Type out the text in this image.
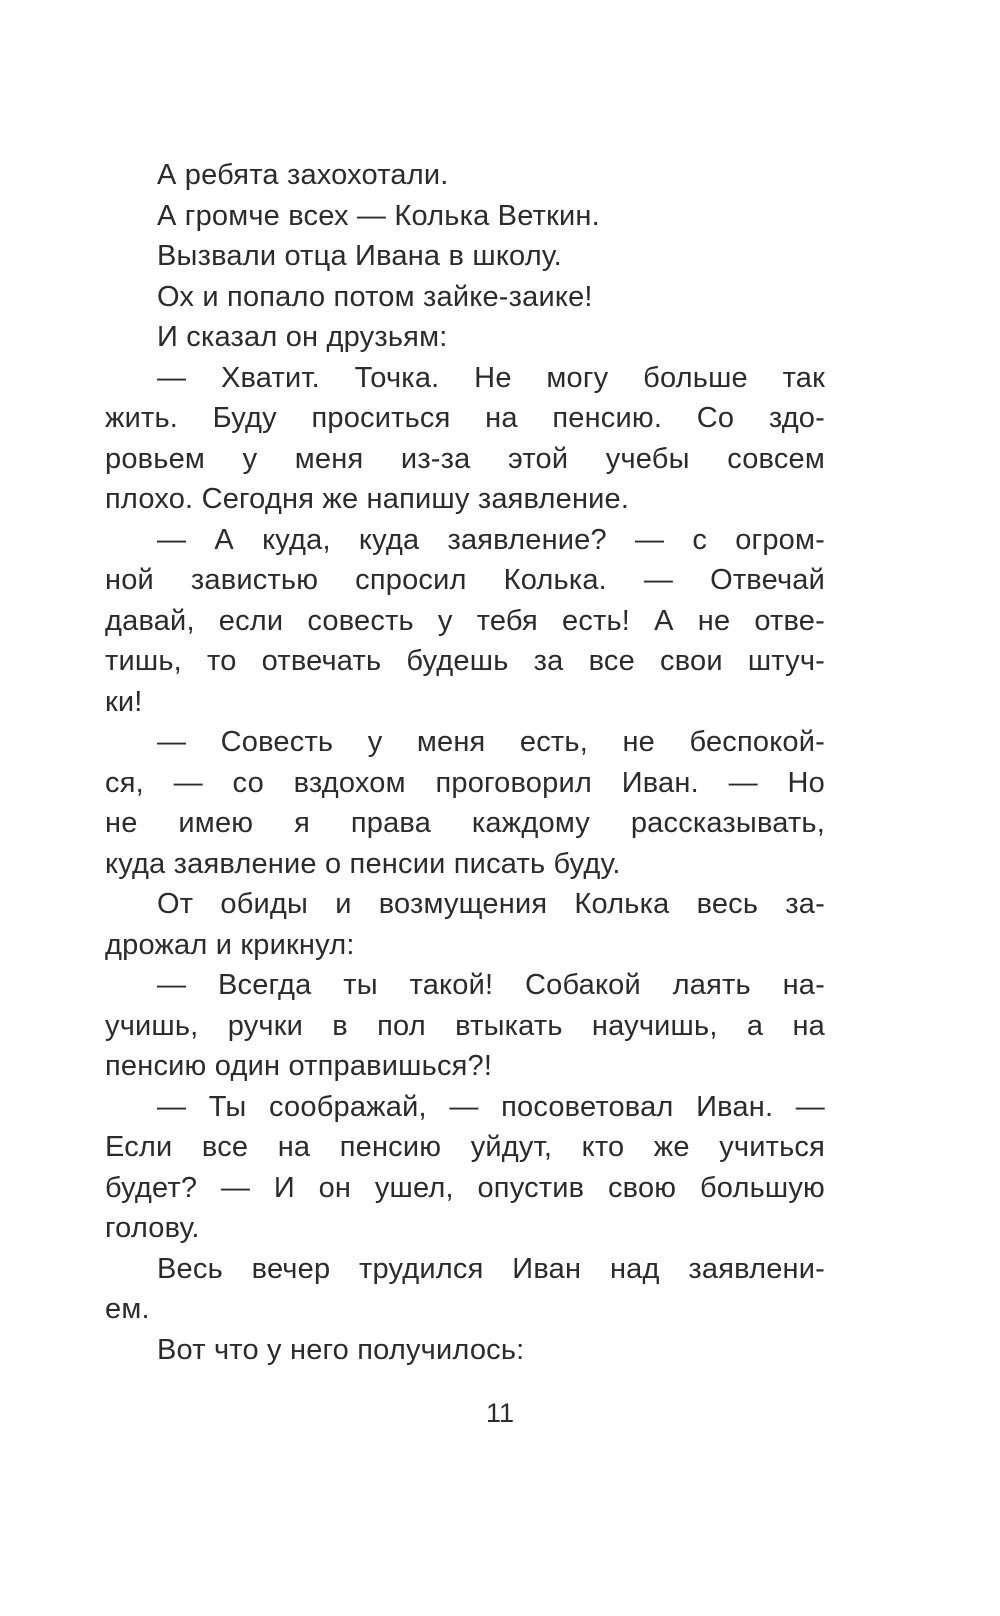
А ребята захохотали.
А громче всех — Колька Веткин.
Вызвали отца Ивана в школу.
Ох и попало потом зайке-заике!
И сказал он друзьям:
— Хватит. Точка. Не могу больше так
жить. Буду проситься на пенсию. Со здо-
ровьем у меня из-за этой учебы совсем
плохо. Сегодня же напишу заявление.
— А куда, куда заявление? — с огром-
ной завистью спросил Колька. — Отвечай
давай, если совесть у тебя есть! А не отве-
тишь, то отвечать будешь за все свои штуч-
ки!
— Совесть у меня есть, не беспокой-
ся, — со вздохом проговорил Иван. — Но
не имею я права каждому рассказывать,
куда заявление о пенсии писать буду.
От обиды и возмущения Колька весь за-
дрожал и крикнул:
— Всегда ты такой! Собакой лаять на-
учишь, ручки в пол втыкать научишь, а на
пенсию один отправишься?!
— Ты соображай, — посоветовал Иван. —
Если все на пенсию уйдут, кто же учиться
будет? — И он ушел, опустив свою большую
голову.
Весь вечер трудился Иван над заявлени-
ем.
Вот что у него получилось:
11
